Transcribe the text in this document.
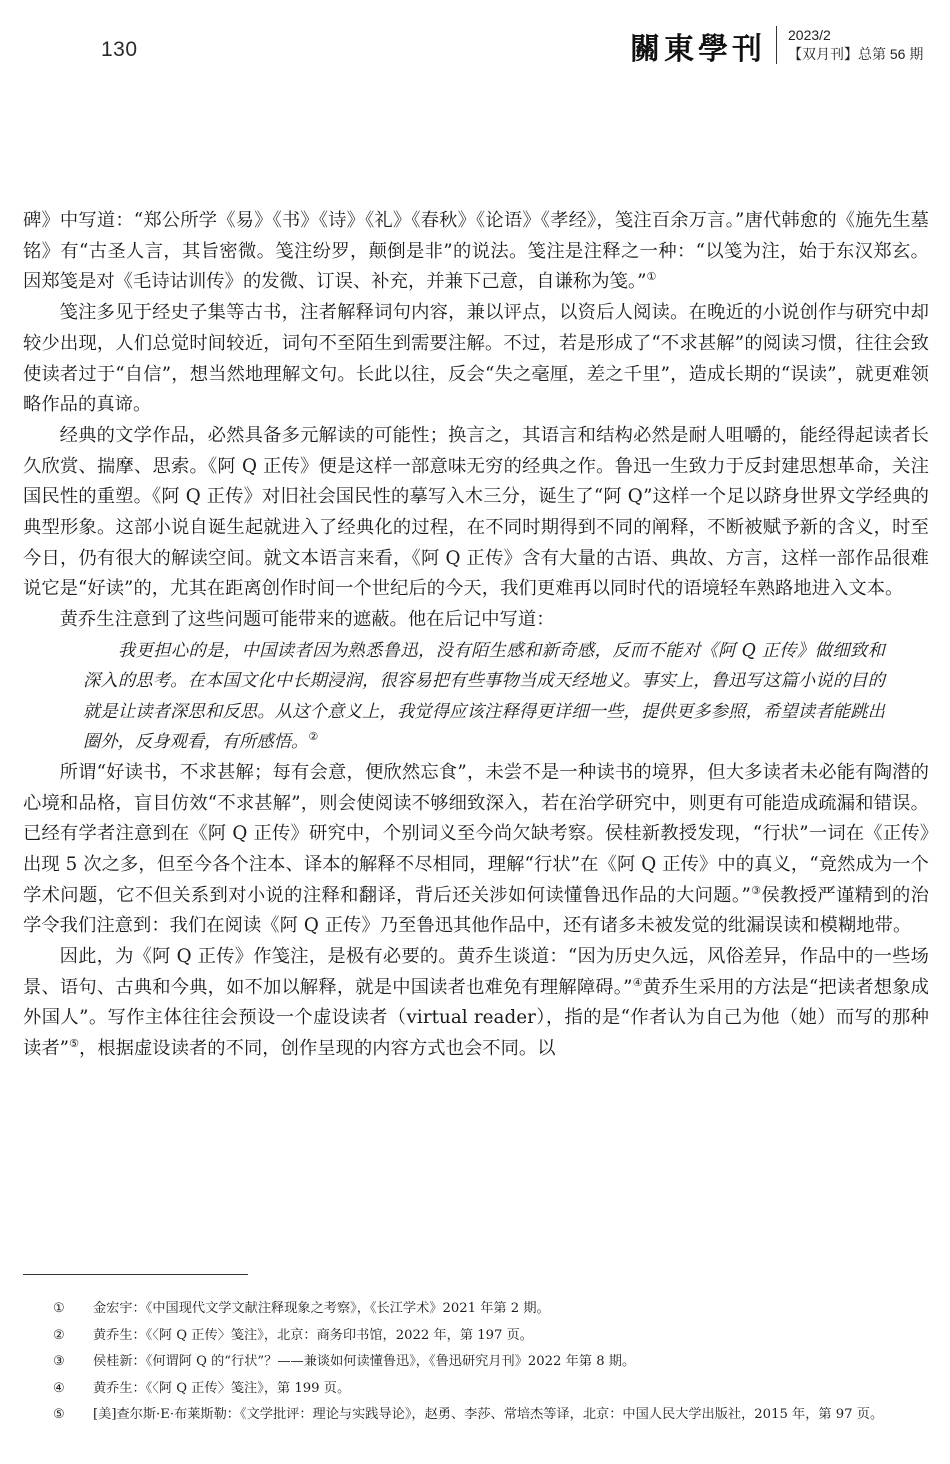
130	關東學刊 2023/2
【双月刊】总第 56 期

碑》中写道：“郑公所学《易》《书》《诗》《礼》《春秋》《论语》《孝经》，笺注百余万言。”唐代韩愈的《施先生墓铭》有“古圣人言，其旨密微。笺注纷罗，颠倒是非”的说法。笺注是注释之一种：“以笺为注，始于东汉郑玄。因郑笺是对《毛诗诂训传》的发微、订误、补充，并兼下己意，自谦称为笺。”①

笺注多见于经史子集等古书，注者解释词句内容，兼以评点，以资后人阅读。在晚近的小说创作与研究中却较少出现，人们总觉时间较近，词句不至陌生到需要注解。不过，若是形成了“不求甚解”的阅读习惯，往往会致使读者过于“自信”，想当然地理解文句。长此以往，反会“失之毫厘，差之千里”，造成长期的“误读”，就更难领略作品的真谛。

经典的文学作品，必然具备多元解读的可能性；换言之，其语言和结构必然是耐人咀嚼的，能经得起读者长久欣赏、揣摩、思索。《阿 Q 正传》便是这样一部意味无穷的经典之作。鲁迅一生致力于反封建思想革命，关注国民性的重塑。《阿 Q 正传》对旧社会国民性的摹写入木三分，诞生了“阿 Q”这样一个足以跻身世界文学经典的典型形象。这部小说自诞生起就进入了经典化的过程，在不同时期得到不同的阐释，不断被赋予新的含义，时至今日，仍有很大的解读空间。就文本语言来看，《阿 Q 正传》含有大量的古语、典故、方言，这样一部作品很难说它是“好读”的，尤其在距离创作时间一个世纪后的今天，我们更难再以同时代的语境轻车熟路地进入文本。

黄乔生注意到了这些问题可能带来的遮蔽。他在后记中写道：

我更担心的是，中国读者因为熟悉鲁迅，没有陌生感和新奇感，反而不能对《阿 Q 正传》做细致和深入的思考。在本国文化中长期浸润，很容易把有些事物当成天经地义。事实上，鲁迅写这篇小说的目的就是让读者深思和反思。从这个意义上，我觉得应该注释得更详细一些，提供更多参照，希望读者能跳出圈外，反身观看，有所感悟。②

所谓“好读书，不求甚解；每有会意，便欣然忘食”，未尝不是一种读书的境界，但大多读者未必能有陶潜的心境和品格，盲目仿效“不求甚解”，则会使阅读不够细致深入，若在治学研究中，则更有可能造成疏漏和错误。已经有学者注意到在《阿 Q 正传》研究中，个别词义至今尚欠缺考察。侯桂新教授发现，“行状”一词在《正传》出现 5 次之多，但至今各个注本、译本的解释不尽相同，理解“行状”在《阿 Q 正传》中的真义，“竟然成为一个学术问题，它不但关系到对小说的注释和翻译，背后还关涉如何读懂鲁迅作品的大问题。”③侯教授严谨精到的治学令我们注意到：我们在阅读《阿 Q 正传》乃至鲁迅其他作品中，还有诸多未被发觉的纰漏误读和模糊地带。

因此，为《阿 Q 正传》作笺注，是极有必要的。黄乔生谈道：“因为历史久远，风俗差异，作品中的一些场景、语句、古典和今典，如不加以解释，就是中国读者也难免有理解障碍。”④黄乔生采用的方法是“把读者想象成外国人”。写作主体往往会预设一个虚设读者（virtual reader），指的是“作者认为自己为他（她）而写的那种读者”⑤，根据虚设读者的不同，创作呈现的内容方式也会不同。以

① 金宏宇：《中国现代文学文献注释现象之考察》，《长江学术》2021 年第 2 期。

② 黄乔生：《〈阿 Q 正传〉笺注》，北京：商务印书馆，2022 年，第 197 页。

③ 侯桂新：《何谓阿 Q 的“行状”？——兼谈如何读懂鲁迅》，《鲁迅研究月刊》2022 年第 8 期。

④ 黄乔生：《〈阿 Q 正传〉笺注》，第 199 页。

⑤ [美]查尔斯·E·布莱斯勒：《文学批评：理论与实践导论》，赵勇、李莎、常培杰等译，北京：中国人民大学出版社，2015 年，第 97 页。
